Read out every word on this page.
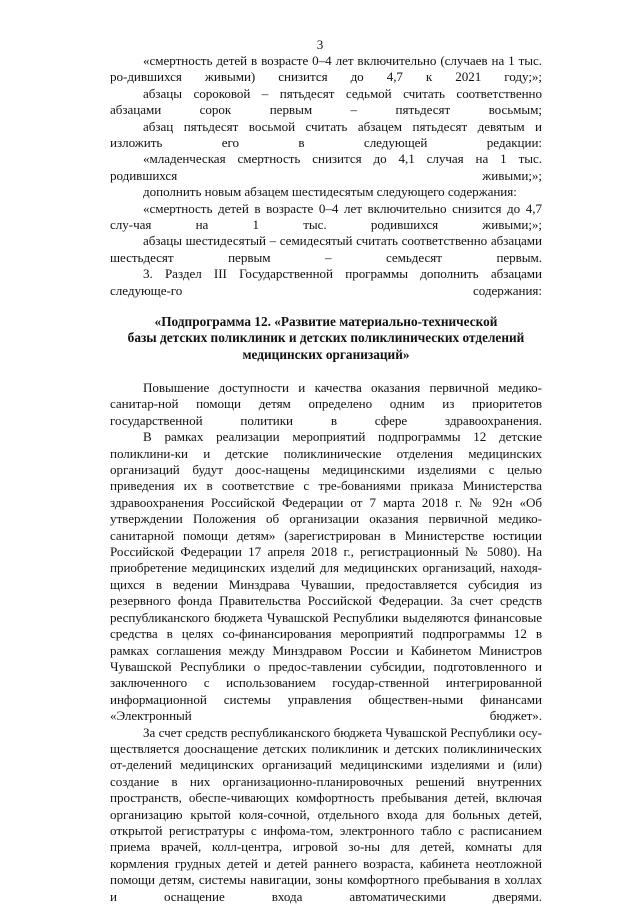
3

«смертность детей в возрасте 0–4 лет включительно (случаев на 1 тыс. ро-дившихся живыми) снизится до 4,7 к 2021 году;»;

абзацы сороковой – пятьдесят седьмой считать соответственно абзацами	сорок первым – пятьдесят восьмым;

абзац пятьдесят восьмой считать абзацем пятьдесят девятым и изложить	его в следующей редакции:

«младенческая смертность снизится до 4,1 случая на 1 тыс. родившихся	живыми;»;

дополнить новым абзацем шестидесятым следующего содержания:

«смертность детей в возрасте 0–4 лет включительно снизится до 4,7 слу-чая на 1 тыс. родившихся живыми;»;

абзацы шестидесятый – семидесятый считать соответственно абзацами шестьдесят первым – семьдесят первым.

3. Раздел III Государственной программы дополнить абзацами следующе-го содержания:

«Подпрограмма 12. «Развитие материально-технической
базы детских поликлиник и детских поликлинических отделений
медицинских организаций»

Повышение доступности и качества оказания первичной медико-санитар-ной помощи детям определено одним из приоритетов государственной политики	в сфере здравоохранения.

В рамках реализации мероприятий подпрограммы 12 детские поликлини-ки и детские поликлинические отделения медицинских организаций будут доос-нащены медицинскими изделиями с целью приведения их в соответствие с тре-бованиями приказа Министерства здравоохранения Российской Федерации от 7 марта 2018 г. № 92н «Об утверждении Положения об организации оказания первичной медико-санитарной помощи детям» (зарегистрирован в Министерстве юстиции Российской Федерации 17 апреля 2018 г., регистрационный № 5080). На приобретение медицинских изделий для медицинских организаций, находя-щихся в ведении Минздрава Чувашии, предоставляется субсидия из резервного фонда Правительства Российской Федерации. За счет средств республиканского бюджета Чувашской Республики выделяются финансовые средства в целях со-финансирования мероприятий подпрограммы 12 в рамках соглашения между Минздравом России и Кабинетом Министров Чувашской Республики о предос-тавлении субсидии, подготовленного и заключенного с использованием государ-ственной интегрированной информационной системы управления обществен-ными финансами «Электронный бюджет».

За счет средств республиканского бюджета Чувашской Республики осу-ществляется дооснащение детских поликлиник и детских поликлинических от-делений медицинских организаций медицинскими изделиями и (или) создание в них организационно-планировочных решений внутренних пространств, обеспе-чивающих комфортность пребывания детей, включая организацию крытой коля-сочной, отдельного входа для больных детей, открытой регистратуры с инфома-том, электронного табло с расписанием приема врачей, колл-центра, игровой зо-ны для детей, комнаты для кормления грудных детей и детей раннего возраста, кабинета неотложной помощи детям, системы навигации, зоны комфортного пребывания в холлах и оснащение входа автоматическими дверями.
